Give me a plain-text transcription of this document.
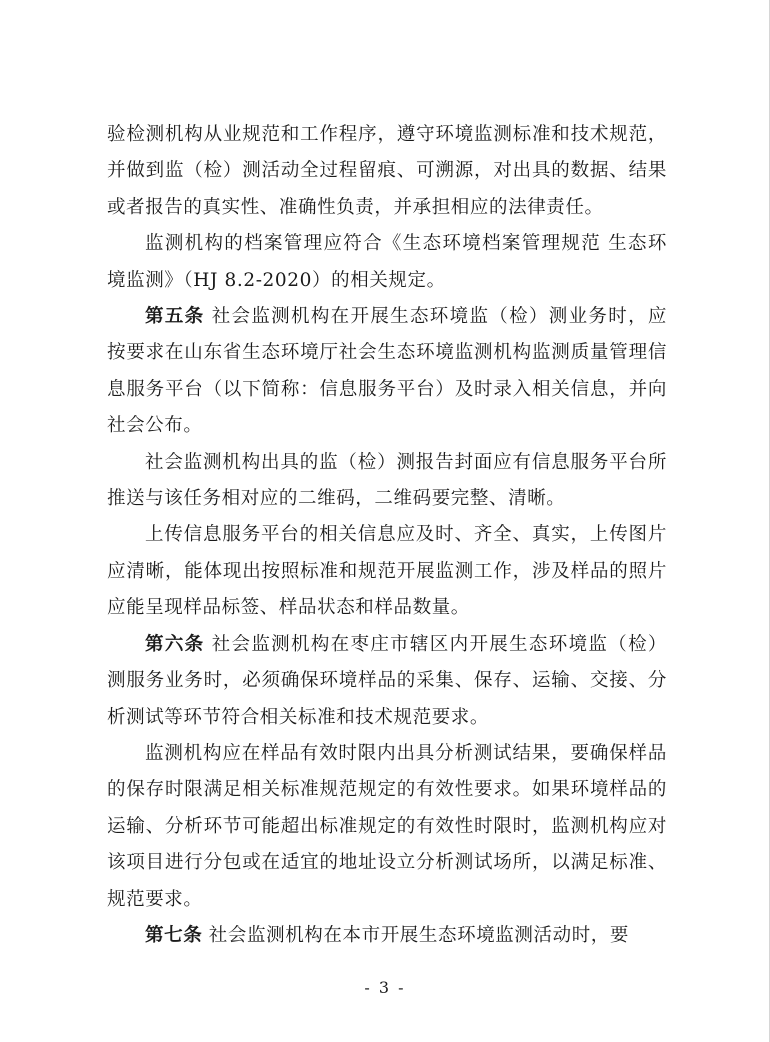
验检测机构从业规范和工作程序，遵守环境监测标准和技术规范，并做到监（检）测活动全过程留痕、可溯源，对出具的数据、结果或者报告的真实性、准确性负责，并承担相应的法律责任。

监测机构的档案管理应符合《生态环境档案管理规范 生态环境监测》（HJ 8.2-2020）的相关规定。

第五条 社会监测机构在开展生态环境监（检）测业务时，应按要求在山东省生态环境厅社会生态环境监测机构监测质量管理信息服务平台（以下简称：信息服务平台）及时录入相关信息，并向社会公布。

社会监测机构出具的监（检）测报告封面应有信息服务平台所推送与该任务相对应的二维码，二维码要完整、清晰。

上传信息服务平台的相关信息应及时、齐全、真实，上传图片应清晰，能体现出按照标准和规范开展监测工作，涉及样品的照片应能呈现样品标签、样品状态和样品数量。

第六条 社会监测机构在枣庄市辖区内开展生态环境监（检）测服务业务时，必须确保环境样品的采集、保存、运输、交接、分析测试等环节符合相关标准和技术规范要求。

监测机构应在样品有效时限内出具分析测试结果，要确保样品的保存时限满足相关标准规范规定的有效性要求。如果环境样品的运输、分析环节可能超出标准规定的有效性时限时，监测机构应对该项目进行分包或在适宜的地址设立分析测试场所，以满足标准、规范要求。

第七条 社会监测机构在本市开展生态环境监测活动时，要

- 3 -
